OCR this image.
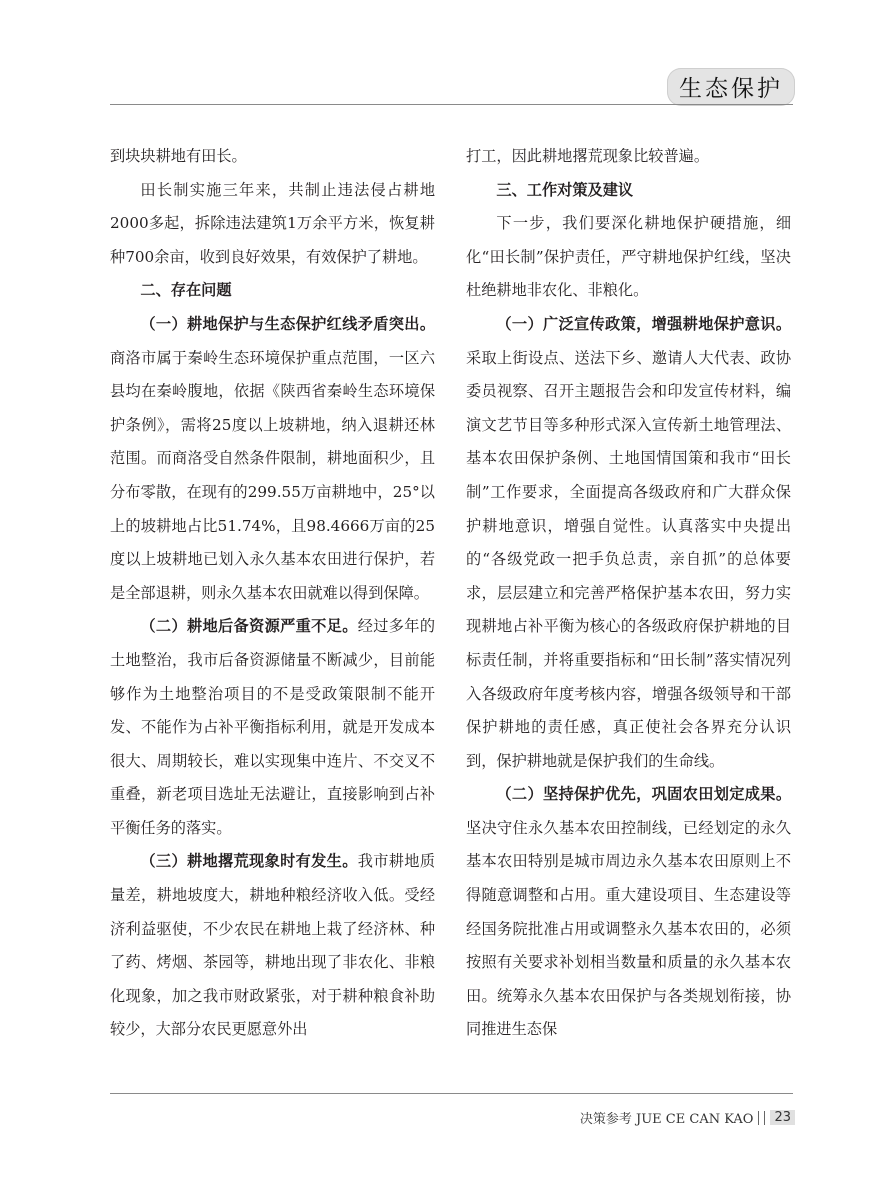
生态保护

到块块耕地有田长。

田长制实施三年来，共制止违法侵占耕地2000多起，拆除违法建筑1万余平方米，恢复耕种700余亩，收到良好效果，有效保护了耕地。

二、存在问题

（一）耕地保护与生态保护红线矛盾突出。商洛市属于秦岭生态环境保护重点范围，一区六县均在秦岭腹地，依据《陕西省秦岭生态环境保护条例》，需将25度以上坡耕地，纳入退耕还林范围。而商洛受自然条件限制，耕地面积少，且分布零散，在现有的299.55万亩耕地中，25°以上的坡耕地占比51.74%，且98.4666万亩的25度以上坡耕地已划入永久基本农田进行保护，若是全部退耕，则永久基本农田就难以得到保障。

（二）耕地后备资源严重不足。经过多年的土地整治，我市后备资源储量不断减少，目前能够作为土地整治项目的不是受政策限制不能开发、不能作为占补平衡指标利用，就是开发成本很大、周期较长，难以实现集中连片、不交叉不重叠，新老项目选址无法避让，直接影响到占补平衡任务的落实。

（三）耕地撂荒现象时有发生。我市耕地质量差，耕地坡度大，耕地种粮经济收入低。受经济利益驱使，不少农民在耕地上栽了经济林、种了药、烤烟、茶园等，耕地出现了非农化、非粮化现象，加之我市财政紧张，对于耕种粮食补助较少，大部分农民更愿意外出

打工，因此耕地撂荒现象比较普遍。

三、工作对策及建议

下一步，我们要深化耕地保护硬措施，细化“田长制”保护责任，严守耕地保护红线，坚决杜绝耕地非农化、非粮化。

（一）广泛宣传政策，增强耕地保护意识。采取上街设点、送法下乡、邀请人大代表、政协委员视察、召开主题报告会和印发宣传材料，编演文艺节目等多种形式深入宣传新土地管理法、基本农田保护条例、土地国情国策和我市“田长制”工作要求，全面提高各级政府和广大群众保护耕地意识，增强自觉性。认真落实中央提出的“各级党政一把手负总责，亲自抓”的总体要求，层层建立和完善严格保护基本农田，努力实现耕地占补平衡为核心的各级政府保护耕地的目标责任制，并将重要指标和“田长制”落实情况列入各级政府年度考核内容，增强各级领导和干部保护耕地的责任感，真正使社会各界充分认识到，保护耕地就是保护我们的生命线。

（二）坚持保护优先，巩固农田划定成果。坚决守住永久基本农田控制线，已经划定的永久基本农田特别是城市周边永久基本农田原则上不得随意调整和占用。重大建设项目、生态建设等经国务院批准占用或调整永久基本农田的，必须按照有关要求补划相当数量和质量的永久基本农田。统筹永久基本农田保护与各类规划衔接，协同推进生态保

决策参考 JUE CE CAN KAO	23
